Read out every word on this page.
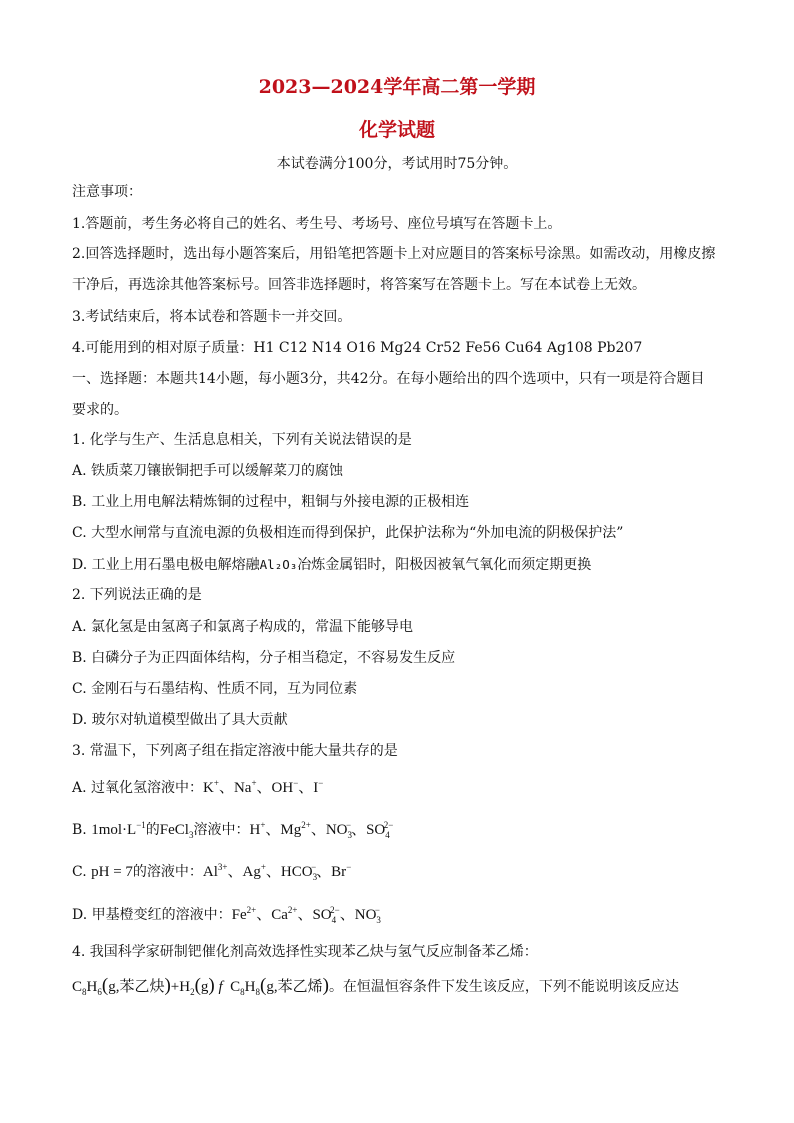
2023—2024学年高二第一学期
化学试题
本试卷满分100分，考试用时75分钟。
注意事项：
1.答题前，考生务必将自己的姓名、考生号、考场号、座位号填写在答题卡上。
2.回答选择题时，选出每小题答案后，用铅笔把答题卡上对应题目的答案标号涂黑。如需改动，用橡皮擦
干净后，再选涂其他答案标号。回答非选择题时，将答案写在答题卡上。写在本试卷上无效。
3.考试结束后，将本试卷和答题卡一并交回。
4.可能用到的相对原子质量：H1 C12 N14 O16 Mg24 Cr52 Fe56 Cu64 Ag108 Pb207
一、选择题：本题共14小题，每小题3分，共42分。在每小题给出的四个选项中，只有一项是符合题目
要求的。
1. 化学与生产、生活息息相关，下列有关说法错误的是
A. 铁质菜刀镶嵌铜把手可以缓解菜刀的腐蚀
B. 工业上用电解法精炼铜的过程中，粗铜与外接电源的正极相连
C. 大型水闸常与直流电源的负极相连而得到保护，此保护法称为“外加电流的阴极保护法”
D. 工业上用石墨电极电解熔融Al₂O₃冶炼金属铝时，阳极因被氧气氧化而须定期更换
2. 下列说法正确的是
A. 氯化氢是由氢离子和氯离子构成的，常温下能够导电
B. 白磷分子为正四面体结构，分子相当稳定，不容易发生反应
C. 金刚石与石墨结构、性质不同，互为同位素
D. 玻尔对轨道模型做出了具大贡献
3. 常温下，下列离子组在指定溶液中能大量共存的是
A. 过氧化氢溶液中：K+、Na+、OH−、I−
B. $1mol\cdot L^{-1}$的FeCl$_3$溶液中：H+、$Mg^{2+}$、$NO_3^-$、$SO_4^{2-}$
C. pH = 7的溶液中：$Al^{3+}$、Ag+、$HCO_3^-$、Br−
D. 甲基橙变红的溶液中：$Fe^{2+}$、$Ca^{2+}$、$SO_4^{2-}$、$NO_3^-$
4. 我国科学家研制钯催化剂高效选择性实现苯乙炔与氢气反应制备苯乙烯：
$C_8H_6(g$,苯乙炔)$+H_2(g)$ f  $C_8H_8(g$,苯乙烯)。在恒温恒容条件下发生该反应，下列不能说明该反应达
